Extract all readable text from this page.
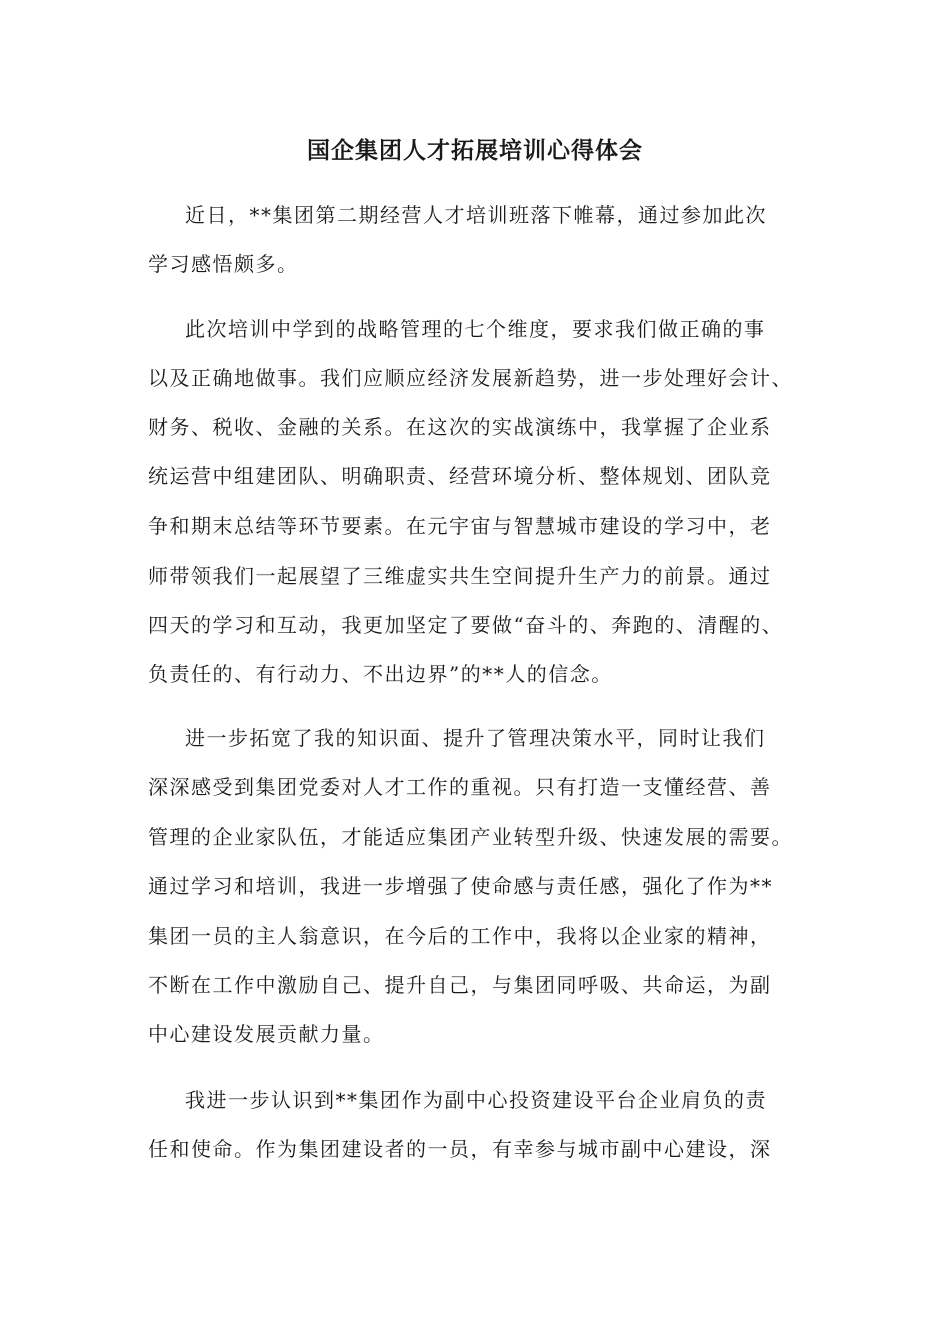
国企集团人才拓展培训心得体会
近日，**集团第二期经营人才培训班落下帷幕，通过参加此次
学习感悟颇多。
此次培训中学到的战略管理的七个维度，要求我们做正确的事
以及正确地做事。我们应顺应经济发展新趋势，进一步处理好会计、
财务、税收、金融的关系。在这次的实战演练中，我掌握了企业系
统运营中组建团队、明确职责、经营环境分析、整体规划、团队竞
争和期末总结等环节要素。在元宇宙与智慧城市建设的学习中，老
师带领我们一起展望了三维虚实共生空间提升生产力的前景。通过
四天的学习和互动，我更加坚定了要做“奋斗的、奔跑的、清醒的、
负责任的、有行动力、不出边界”的**人的信念。
进一步拓宽了我的知识面、提升了管理决策水平，同时让我们
深深感受到集团党委对人才工作的重视。只有打造一支懂经营、善
管理的企业家队伍，才能适应集团产业转型升级、快速发展的需要。
通过学习和培训，我进一步增强了使命感与责任感，强化了作为**
集团一员的主人翁意识，在今后的工作中，我将以企业家的精神，
不断在工作中激励自己、提升自己，与集团同呼吸、共命运，为副
中心建设发展贡献力量。
我进一步认识到**集团作为副中心投资建设平台企业肩负的责
任和使命。作为集团建设者的一员，有幸参与城市副中心建设，深
